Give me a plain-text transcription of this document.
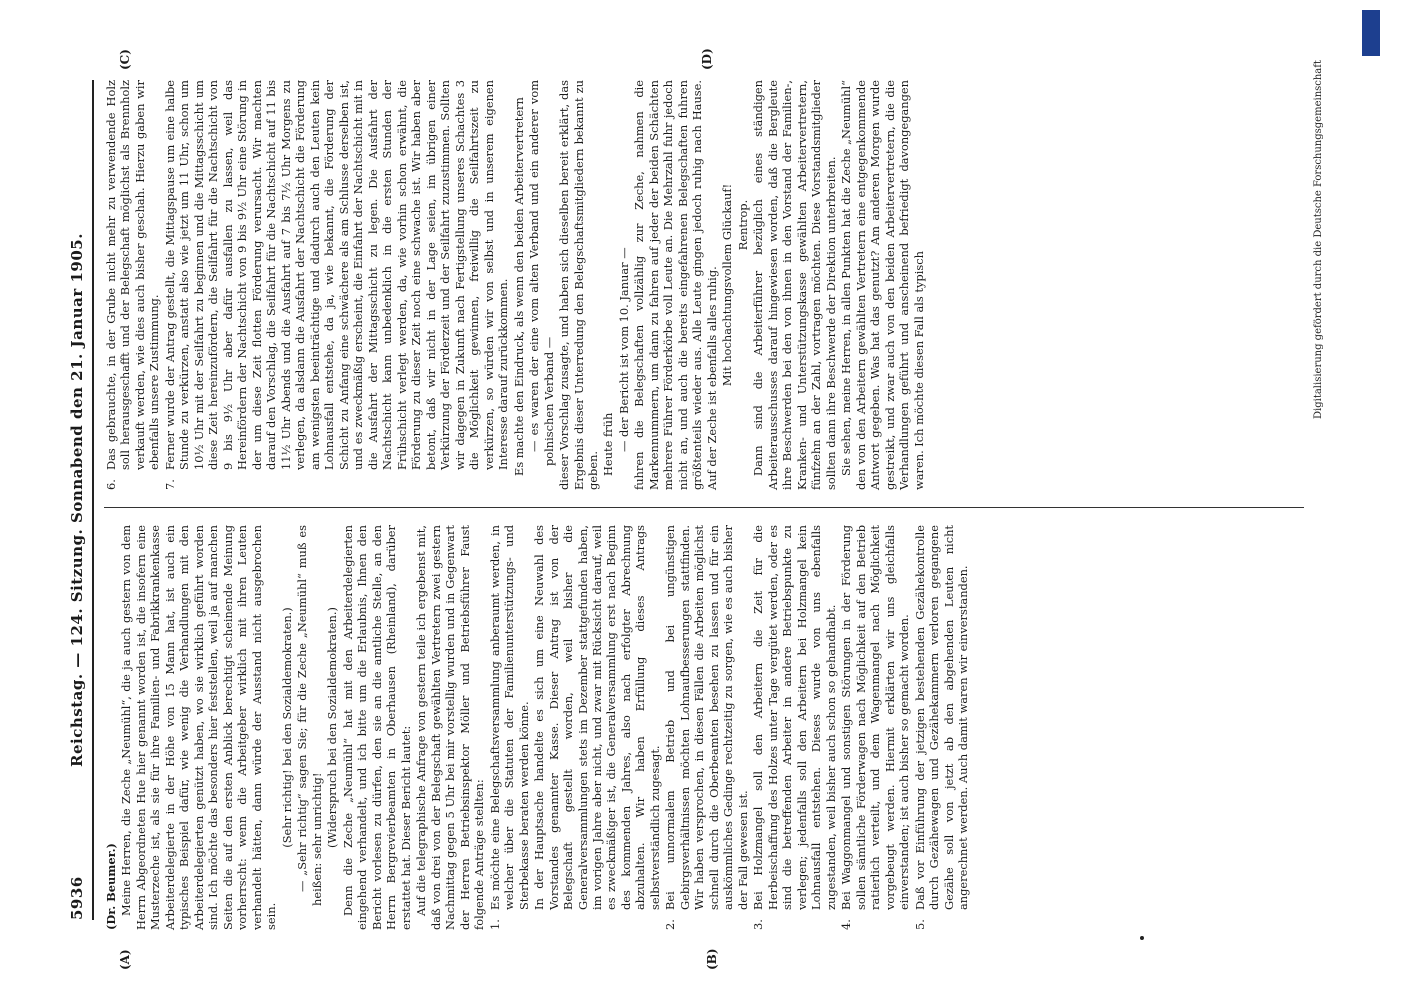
5936
Reichstag. — 124. Sitzung. Sonnabend den 21. Januar 1905.
(A)	(B)
(C)	(D)

(Dr. Beumer.) Meine Herren, die Zeche „Neumühl“, die ja auch gestern von dem Herrn Abgeordneten Hue hier genannt worden ist, die insofern eine Musterzeche ist, als sie für ihre Familien- und Fabrikkrankenkasse Arbeiterdelegierte in der Höhe von 15 Mann hat, ist auch ein typisches Beispiel dafür, wie wenig die Verhandlungen mit den Arbeiterdelegierten genützt haben, wo sie wirklich geführt worden sind. Ich möchte das besonders hier feststellen, weil ja auf manchen Seiten die auf den ersten Anblick berechtigt scheinende Meinung vorherrscht: wenn die Arbeitgeber wirklich mit ihren Leuten verhandelt hätten, dann würde der Ausstand nicht ausgebrochen sein.

(Sehr richtig! bei den Sozialdemokraten.) — „Sehr richtig“ sagen Sie; für die Zeche „Neumühl“ muß es heißen: sehr unrichtig! (Widerspruch bei den Sozialdemokraten.) Denn die Zeche „Neumühl“ hat mit den Arbeiterdelegierten eingehend verhandelt, und ich bitte um die Erlaubnis, Ihnen den Bericht vorlesen zu dürfen, den sie an die amtliche Stelle, an den Herrn Bergrevierbeamten in Oberhausen (Rheinland), darüber erstattet hat. Dieser Bericht lautet: Auf die telegraphische Anfrage von gestern teile ich ergebenst mit, daß von drei von der Belegschaft gewählten Vertretern zwei gestern Nachmittag gegen 5 Uhr bei mir vorstellig wurden und in Gegenwart der Herren Betriebsinspektor Möller und Betriebsführer Faust folgende Anträge stellten: 1.
Es möchte eine Belegschaftsversammlung anberaumt werden, in welcher über die Statuten der Familienunterstützungs- und Sterbekasse beraten werden könne. In der Hauptsache handelte es sich um eine Neuwahl des Vorstandes genannter Kasse. Dieser Antrag ist von der Belegschaft gestellt worden, weil bisher die Generalversammlungen stets im Dezember stattgefunden haben, im vorigen Jahre aber nicht, und zwar mit Rücksicht darauf, weil es zweckmäßiger ist, die Generalversammlung erst nach Beginn des kommenden Jahres, also nach erfolgter Abrechnung abzuhalten. Wir haben Erfüllung dieses Antrags selbstverständlich zugesagt.
2.
Bei unnormalem Betrieb und bei ungünstigen Gebirgsverhältnissen möchten Lohnaufbesserungen stattfinden. Wir haben versprochen, in diesen Fällen die Arbeiten möglichst schnell durch die Oberbeamten besehen zu lassen und für ein auskömmliches Gedinge rechtzeitig zu sorgen, wie es auch bisher der Fall gewesen ist.
3.
Bei Holzmangel soll den Arbeitern die Zeit für die Herbeischaffung des Holzes unter Tage vergütet werden, oder es sind die betreffenden Arbeiter in andere Betriebspunkte zu verlegen; jedenfalls soll den Arbeitern bei Holzmangel kein Lohnausfall entstehen. Dieses wurde von uns ebenfalls zugestanden, weil bisher auch schon so gehandhabt.
4.
Bei Waggonmangel und sonstigen Störungen in der Förderung sollen sämtliche Förderwagen nach Möglichkeit auf den Betrieb ratierlich verteilt, und dem Wagenmangel nach Möglichkeit vorgebeugt werden. Hiermit erklärten wir uns gleichfalls einverstanden; ist auch bisher so gemacht worden.
5.
Daß vor Einführung der jetzigen bestehenden Gezähekontrolle durch Gezähewagen und Gezähekammern verloren gegangene Gezähe soll von jetzt ab den abgehenden Leuten nicht angerechnet werden. Auch damit waren wir einverstanden.
6.
Das gebrauchte, in der Grube nicht mehr zu verwendende Holz soll herausgeschafft und der Belegschaft möglichst als Brennholz verkauft werden, wie dies auch bisher geschah. Hierzu gaben wir ebenfalls unsere Zustimmung.
7.
Ferner wurde der Antrag gestellt, die Mittagspause um eine halbe Stunde zu verkürzen, anstatt also wie jetzt um 11 Uhr, schon um 10½ Uhr mit der Seilfahrt zu beginnen und die Mittagsschicht um diese Zeit hereinzufördern, die Seilfahrt für die Nachtschicht von 9 bis 9½ Uhr aber dafür ausfallen zu lassen, weil das Hereinfördern der Nachtschicht von 9 bis 9½ Uhr eine Störung in der um diese Zeit flotten Förderung verursacht. Wir machten darauf den Vorschlag, die Seilfahrt für die Nachtschicht auf 11 bis 11½ Uhr Abends und die Ausfahrt auf 7 bis 7½ Uhr Morgens zu verlegen, da alsdann die Ausfahrt der Nachtschicht die Förderung am wenigsten beeinträchtige und dadurch auch den Leuten kein Lohnausfall entstehe, da ja, wie bekannt, die Förderung der Schicht zu Anfang eine schwächere als am Schlusse derselben ist, und es zweckmäßig erscheint, die Einfahrt der Nachtschicht mit in die Ausfahrt der Mittagsschicht zu legen. Die Ausfahrt der Nachtschicht kann unbedenklich in die ersten Stunden der Frühschicht verlegt werden, da, wie vorhin schon erwähnt, die Förderung zu dieser Zeit noch eine schwache ist. Wir haben aber betont, daß wir nicht in der Lage seien, im übrigen einer Verkürzung der Förderzeit und der Seilfahrt zuzustimmen. Sollten wir dagegen in Zukunft nach Fertigstellung unseres Schachtes 3 die Möglichkeit gewinnen, freiwillig die Seilfahrtszeit zu verkürzen, so würden wir von selbst und in unserem eigenen Interesse darauf zurückkommen. Es machte den Eindruck, als wenn den beiden Arbeitervertretern — es waren der eine vom alten Verband und ein anderer vom polnischen Verband — dieser Vorschlag zusagte, und haben sich dieselben bereit erklärt, das Ergebnis dieser Unterredung den Belegschaftsmitgliedern bekannt zu geben. Heute früh — der Bericht ist vom 10. Januar — fuhren die Belegschaften vollzählig zur Zeche, nahmen die Markennummern, um dann zu fahren auf jeder der beiden Schächten mehrere Führer Förderkörbe voll Leute an. Die Mehrzahl fuhr jedoch nicht an, und auch die bereits eingefahrenen Belegschaften fuhren größtenteils wieder aus. Alle Leute gingen jedoch ruhig nach Hause. Auf der Zeche ist ebenfalls alles ruhig. Mit hochachtungsvollem Glückauf! Rentrop. Dann sind die Arbeiterführer bezüglich eines ständigen Arbeiterausschusses darauf hingewiesen worden, daß die Bergleute ihre Beschwerden bei den von ihnen in den Vorstand der Familien-, Kranken- und Unterstützungskasse gewählten Arbeitervertretern, fünfzehn an der Zahl, vortragen möchten. Diese Vorstandsmitglieder sollten dann ihre Beschwerde der Direktion unterbreiten. Sie sehen, meine Herren, in allen Punkten hat die Zeche „Neumühl“ den von den Arbeitern gewählten Vertretern eine entgegenkommende Antwort gegeben. Was hat das genutzt? Am anderen Morgen wurde gestreikt, und zwar auch von den beiden Arbeitervertretern, die die Verhandlungen geführt und anscheinend befriedigt davongegangen waren. Ich möchte diesen Fall als typisch	Digitalisierung gefördert durch die Deutsche Forschungsgemeinschaft
DFG
